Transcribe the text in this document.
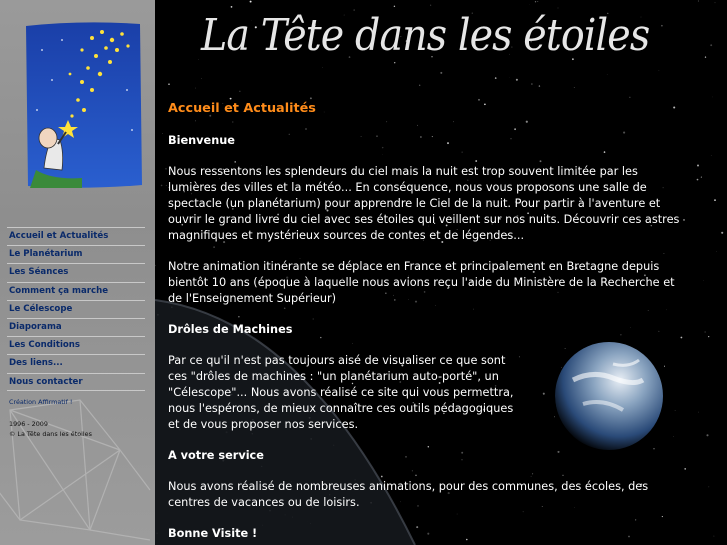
Accueil et Actualités
Le Planétarium
Les Séances
Comment ça marche
Le Célescope
Diaporama
Les Conditions
Des liens...
Nous contacter
Création Affirmatif !
1996 - 2009
© La Tête dans les étoiles
La Tête dans les étoiles
Accueil et Actualités
Bienvenue

Nous ressentons les splendeurs du ciel mais la nuit est trop souvent limitée par les lumières des villes et la météo... En conséquence, nous vous proposons une salle de spectacle (un planétarium) pour apprendre le Ciel de la nuit. Pour partir à l'aventure et ouvrir le grand livre du ciel avec ses étoiles qui veillent sur nos nuits. Découvrir ces astres magnifiques et mystérieux sources de contes et de légendes...

Notre animation itinérante se déplace en France et principalement en Bretagne depuis bientôt 10 ans (époque à laquelle nous avions reçu l'aide du Ministère de la Recherche et de l'Enseignement Supérieur)

Drôles de Machines

Par ce qu'il n'est pas toujours aisé de visualiser ce que sont ces "drôles de machines : "un planétarium auto-porté", un "Célescope"... Nous avons réalisé ce site qui vous permettra, nous l'espérons, de mieux connaître ces outils pédagogiques et de vous proposer nos services.

A votre service

Nous avons réalisé de nombreuses animations, pour des communes, des écoles, des centres de vacances ou de loisirs.

Bonne Visite !
